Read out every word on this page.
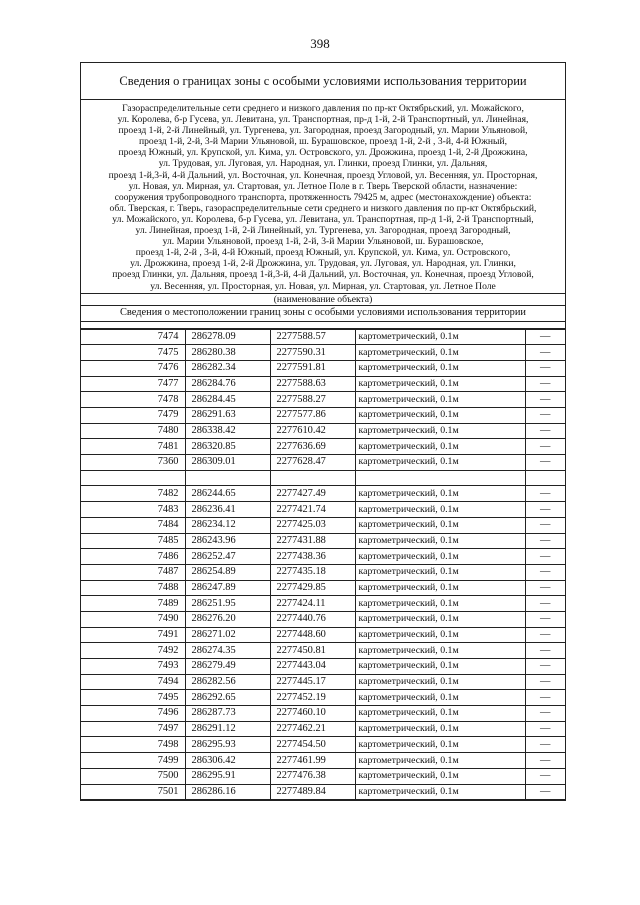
398
Сведения о границах зоны с особыми условиями использования территории
Газораспределительные сети среднего и низкого давления по пр-кт Октябрьский, ул. Можайского,
ул. Королева, б-р Гусева, ул. Левитана, ул. Транспортная, пр-д 1-й, 2-й Транспортный, ул. Линейная,
проезд 1-й, 2-й Линейный, ул. Тургенева, ул. Загородная, проезд Загородный, ул. Марии Ульяновой,
проезд 1-й, 2-й, 3-й Марии Ульяновой, ш. Бурашовское, проезд 1-й, 2-й , 3-й, 4-й Южный,
проезд Южный, ул. Крупской, ул. Кима, ул. Островского, ул. Дрожжина, проезд 1-й, 2-й Дрожжина,
ул. Трудовая, ул. Луговая, ул. Народная, ул. Глинки, проезд Глинки, ул. Дальняя,
проезд 1-й,3-й, 4-й Дальний, ул. Восточная, ул. Конечная, проезд Угловой, ул. Весенняя, ул. Просторная,
ул. Новая, ул. Мирная, ул. Стартовая, ул. Летное Поле в г. Тверь Тверской области, назначение:
сооружения трубопроводного транспорта, протяженность 79425 м, адрес (местонахождение) объекта:
обл. Тверская, г. Тверь, газораспределительные сети среднего и низкого давления по пр-кт Октябрьский,
ул. Можайского, ул. Королева, б-р Гусева, ул. Левитана, ул. Транспортная, пр-д 1-й, 2-й Транспортный,
ул. Линейная, проезд 1-й, 2-й Линейный, ул. Тургенева, ул. Загородная, проезд Загородный,
ул. Марии Ульяновой, проезд 1-й, 2-й, 3-й Марии Ульяновой, ш. Бурашовское,
проезд 1-й, 2-й , 3-й, 4-й Южный, проезд Южный, ул. Крупской, ул. Кима, ул. Островского,
ул. Дрожжина, проезд 1-й, 2-й Дрожжина, ул. Трудовая, ул. Луговая, ул. Народная, ул. Глинки,
проезд Глинки, ул. Дальняя, проезд 1-й,3-й, 4-й Дальний, ул. Восточная, ул. Конечная, проезд Угловой,
ул. Весенняя, ул. Просторная, ул. Новая, ул. Мирная, ул. Стартовая, ул. Летное Поле
(наименование объекта)
Сведения о местоположении границ зоны с особыми условиями использования территории
7474	286278.09	2277588.57	картометрический, 0.1м	—
7475	286280.38	2277590.31	картометрический, 0.1м	—
7476	286282.34	2277591.81	картометрический, 0.1м	—
7477	286284.76	2277588.63	картометрический, 0.1м	—
7478	286284.45	2277588.27	картометрический, 0.1м	—
7479	286291.63	2277577.86	картометрический, 0.1м	—
7480	286338.42	2277610.42	картометрический, 0.1м	—
7481	286320.85	2277636.69	картометрический, 0.1м	—
7360	286309.01	2277628.47	картометрический, 0.1м	—

7482	286244.65	2277427.49	картометрический, 0.1м	—
7483	286236.41	2277421.74	картометрический, 0.1м	—
7484	286234.12	2277425.03	картометрический, 0.1м	—
7485	286243.96	2277431.88	картометрический, 0.1м	—
7486	286252.47	2277438.36	картометрический, 0.1м	—
7487	286254.89	2277435.18	картометрический, 0.1м	—
7488	286247.89	2277429.85	картометрический, 0.1м	—
7489	286251.95	2277424.11	картометрический, 0.1м	—
7490	286276.20	2277440.76	картометрический, 0.1м	—
7491	286271.02	2277448.60	картометрический, 0.1м	—
7492	286274.35	2277450.81	картометрический, 0.1м	—
7493	286279.49	2277443.04	картометрический, 0.1м	—
7494	286282.56	2277445.17	картометрический, 0.1м	—
7495	286292.65	2277452.19	картометрический, 0.1м	—
7496	286287.73	2277460.10	картометрический, 0.1м	—
7497	286291.12	2277462.21	картометрический, 0.1м	—
7498	286295.93	2277454.50	картометрический, 0.1м	—
7499	286306.42	2277461.99	картометрический, 0.1м	—
7500	286295.91	2277476.38	картометрический, 0.1м	—
7501	286286.16	2277489.84	картометрический, 0.1м	—
